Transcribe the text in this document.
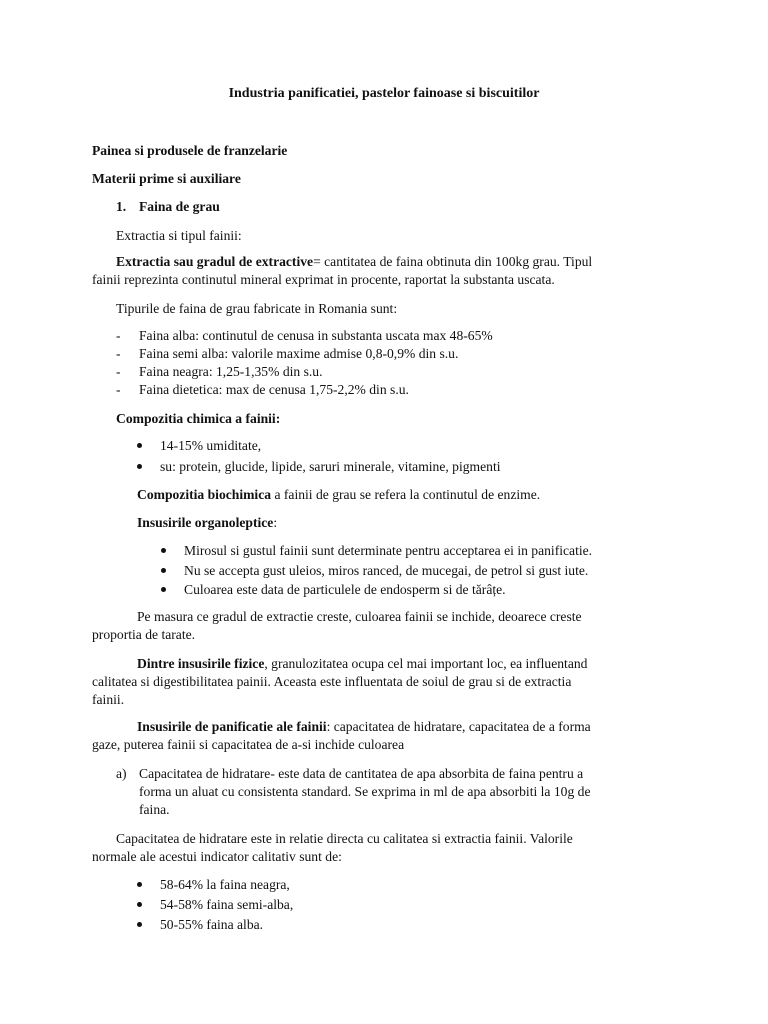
Industria panificatiei, pastelor fainoase si biscuitilor
Painea si produsele de franzelarie
Materii prime si auxiliare
1. Faina de grau
Extractia si tipul fainii:
Extractia sau gradul de extractive= cantitatea de faina obtinuta din 100kg grau. Tipul
fainii reprezinta continutul mineral exprimat in procente, raportat la substanta uscata.
Tipurile de faina de grau fabricate in Romania sunt:
- Faina alba: continutul de cenusa in substanta uscata max 48-65%
- Faina semi alba: valorile maxime admise 0,8-0,9% din s.u.
- Faina neagra: 1,25-1,35% din s.u.
- Faina dietetica: max de cenusa 1,75-2,2% din s.u.
Compozitia chimica a fainii:
14-15% umiditate,
su: protein, glucide, lipide, saruri minerale, vitamine, pigmenti
Compozitia biochimica a fainii de grau se refera la continutul de enzime.
Insusirile organoleptice:
Mirosul si gustul fainii sunt determinate pentru acceptarea ei in panificatie.
Nu se accepta gust uleios, miros ranced, de mucegai, de petrol si gust iute.
Culoarea este data de particulele de endosperm si de tărâțe.
Pe masura ce gradul de extractie creste, culoarea fainii se inchide, deoarece creste
proportia de tarate.
Dintre insusirile fizice, granulozitatea ocupa cel mai important loc, ea influentand
calitatea si digestibilitatea painii. Aceasta este influentata de soiul de grau si de extractia
fainii.
Insusirile de panificatie ale fainii: capacitatea de hidratare, capacitatea de a forma
gaze, puterea fainii si capacitatea de a-si inchide culoarea
a) Capacitatea de hidratare- este data de cantitatea de apa absorbita de faina pentru a
forma un aluat cu consistenta standard. Se exprima in ml de apa absorbiti la 10g de
faina.
Capacitatea de hidratare este in relatie directa cu calitatea si extractia fainii. Valorile
normale ale acestui indicator calitativ sunt de:
58-64% la faina neagra,
54-58% faina semi-alba,
50-55% faina alba.
